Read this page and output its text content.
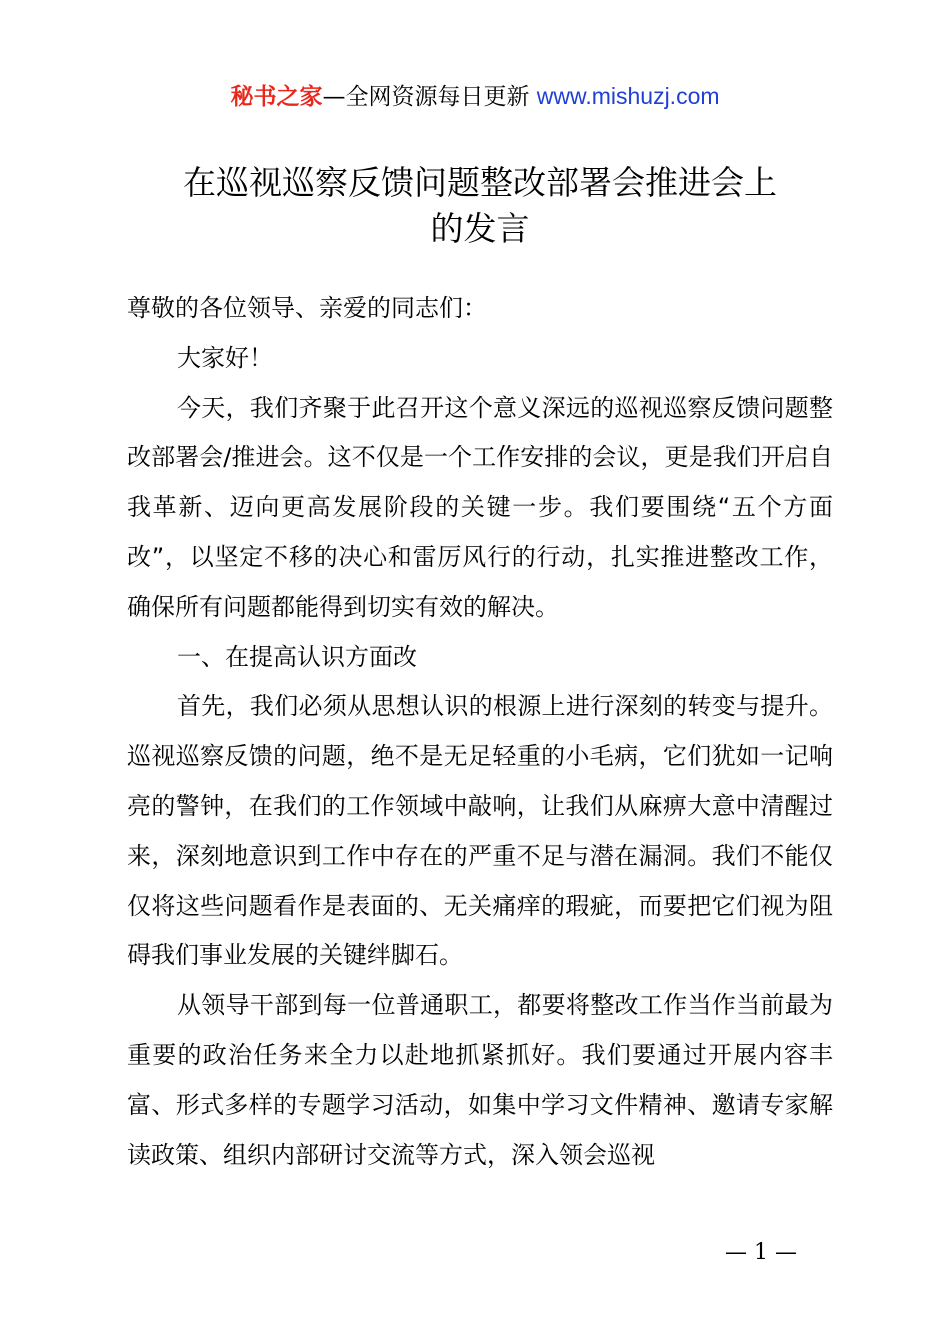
秘书之家—全网资源每日更新 www.mishuzj.com
在巡视巡察反馈问题整改部署会推进会上
的发言

尊敬的各位领导、亲爱的同志们：

大家好！

今天，我们齐聚于此召开这个意义深远的巡视巡察反馈问题整改部署会/推进会。这不仅是一个工作安排的会议，更是我们开启自我革新、迈向更高发展阶段的关键一步。我们要围绕“五个方面改”，以坚定不移的决心和雷厉风行的行动，扎实推进整改工作，确保所有问题都能得到切实有效的解决。

一、在提高认识方面改

首先，我们必须从思想认识的根源上进行深刻的转变与提升。巡视巡察反馈的问题，绝不是无足轻重的小毛病，它们犹如一记响亮的警钟，在我们的工作领域中敲响，让我们从麻痹大意中清醒过来，深刻地意识到工作中存在的严重不足与潜在漏洞。我们不能仅仅将这些问题看作是表面的、无关痛痒的瑕疵，而要把它们视为阻碍我们事业发展的关键绊脚石。

从领导干部到每一位普通职工，都要将整改工作当作当前最为重要的政治任务来全力以赴地抓紧抓好。我们要通过开展内容丰富、形式多样的专题学习活动，如集中学习文件精神、邀请专家解读政策、组织内部研讨交流等方式，深入领会巡视

— 1 —
